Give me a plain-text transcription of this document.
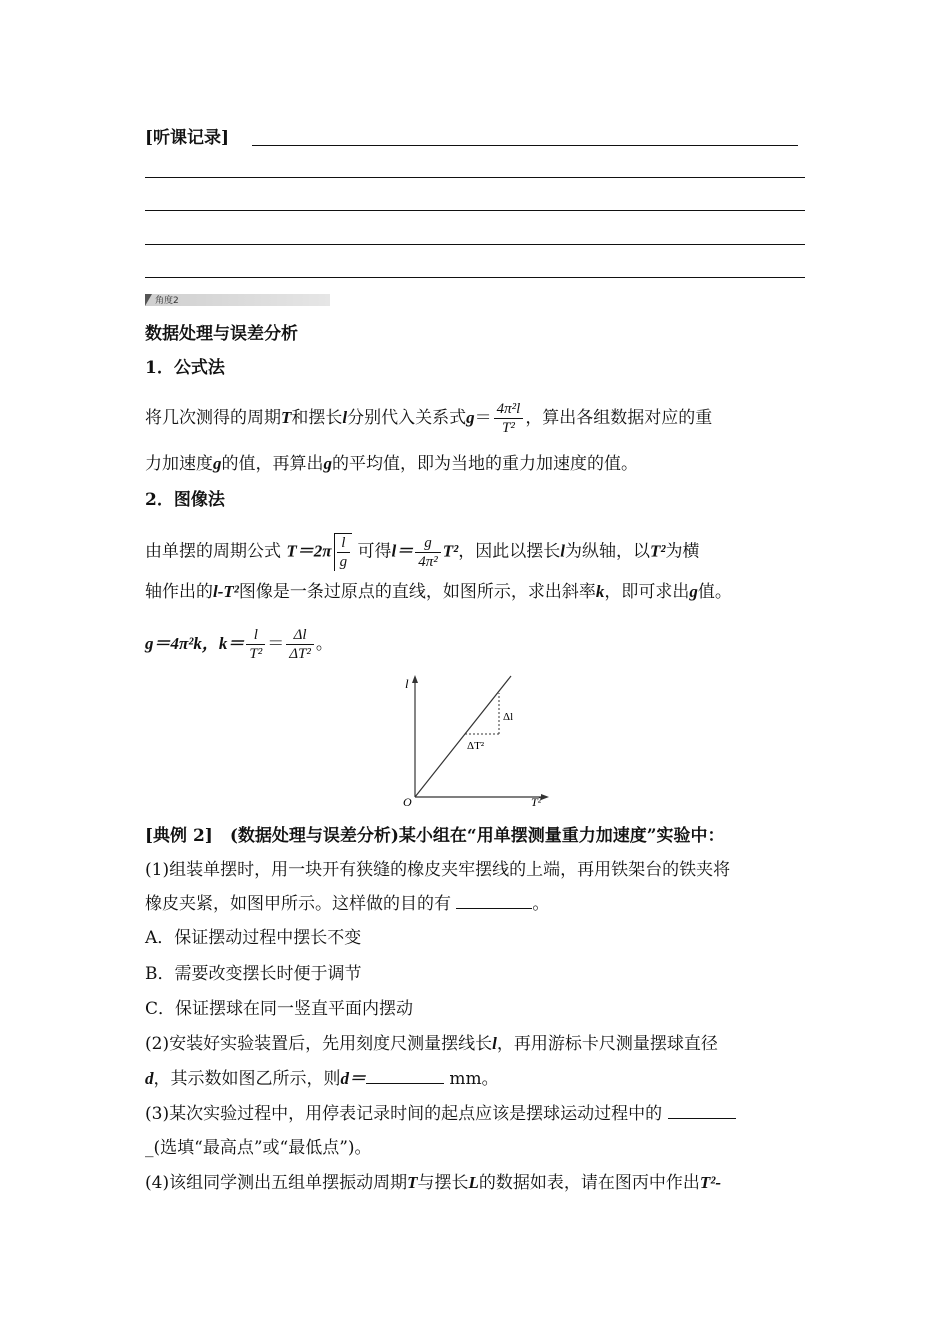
[听课记录]
角度2
数据处理与误差分析
1．公式法
将几次测得的周期T和摆长l分别代入关系式$g= \frac{\text{4π²l}}{\text{T²}}$ ，算出各组数据对应的重
力加速度g的值，再算出g的平均值，即为当地的重力加速度的值。
2．图像法
由单摆的周期公式 $T=2\pi \frac{l}{g}$ 可得$l= \frac{g}{\text{4π²}} T^2$，因此以摆长l为纵轴，以T²为横
轴作出的l-T²图像是一条过原点的直线，如图所示，求出斜率k，即可求出g值。
g＝4π²k，$k= \frac{l}{\text{T²}} = \frac{\Delta l}{\text{ΔT²}}$ 。
l
T²
O
Δl
ΔT²
[典例 2]　(数据处理与误差分析)某小组在“用单摆测量重力加速度”实验中：
(1)组装单摆时，用一块开有狭缝的橡皮夹牢摆线的上端，再用铁架台的铁夹将
橡皮夹紧，如图甲所示。这样做的目的有	。
A．保证摆动过程中摆长不变
B．需要改变摆长时便于调节
C．保证摆球在同一竖直平面内摆动
(2)安装好实验装置后，先用刻度尺测量摆线长l，再用游标卡尺测量摆球直径
d，其示数如图乙所示，则d＝	mm。
(3)某次实验过程中，用停表记录时间的起点应该是摆球运动过程中的
_(选填“最高点”或“最低点”)。
(4)该组同学测出五组单摆振动周期T与摆长L的数据如表，请在图丙中作出T²-
